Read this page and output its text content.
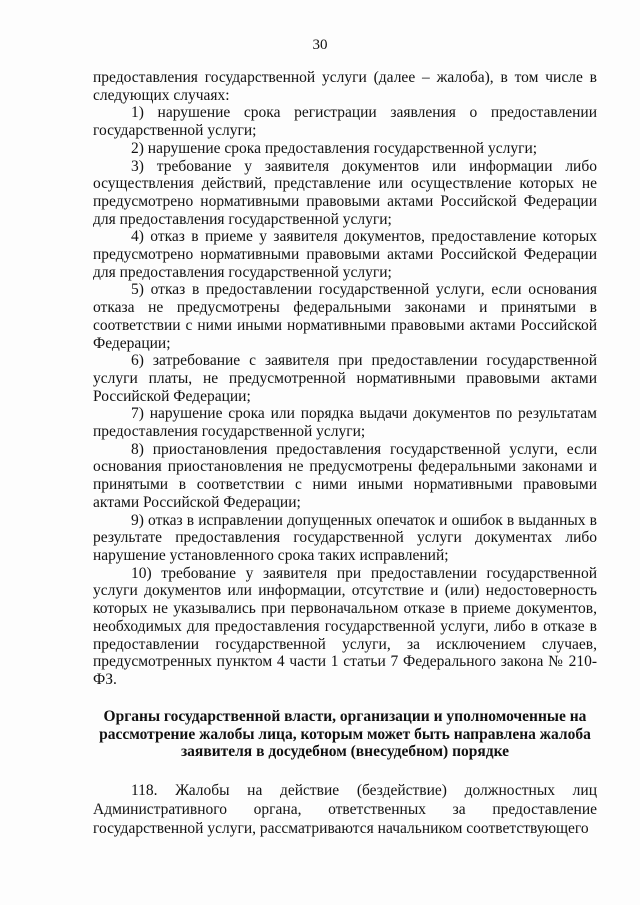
30

предоставления государственной услуги (далее – жалоба), в том числе в следующих случаях:

1) нарушение срока регистрации заявления о предоставлении государственной услуги;

2) нарушение срока предоставления государственной услуги;

3) требование у заявителя документов или информации либо осуществления действий, представление или осуществление которых не предусмотрено нормативными правовыми актами Российской Федерации для предоставления государственной услуги;

4) отказ в приеме у заявителя документов, предоставление которых предусмотрено нормативными правовыми актами Российской Федерации для предоставления государственной услуги;

5) отказ в предоставлении государственной услуги, если основания отказа не предусмотрены федеральными законами и принятыми в соответствии с ними иными нормативными правовыми актами Российской Федерации;

6) затребование с заявителя при предоставлении государственной услуги платы, не предусмотренной нормативными правовыми актами Российской Федерации;

7) нарушение срока или порядка выдачи документов по результатам предоставления государственной услуги;

8) приостановления предоставления государственной услуги, если основания приостановления не предусмотрены федеральными законами и принятыми в соответствии с ними иными нормативными правовыми актами Российской Федерации;

9) отказ в исправлении допущенных опечаток и ошибок в выданных в результате предоставления государственной услуги документах либо нарушение установленного срока таких исправлений;

10) требование у заявителя при предоставлении государственной услуги документов или информации, отсутствие и (или) недостоверность которых не указывались при первоначальном отказе в приеме документов, необходимых для предоставления государственной услуги, либо в отказе в предоставлении государственной услуги, за исключением случаев, предусмотренных пунктом 4 части 1 статьи 7 Федерального закона № 210-ФЗ.

Органы государственной власти, организации и уполномоченные на рассмотрение жалобы лица, которым может быть направлена жалоба заявителя в досудебном (внесудебном) порядке

118. Жалобы на действие (бездействие) должностных лиц Административного органа, ответственных за предоставление государственной услуги, рассматриваются начальником соответствующего
